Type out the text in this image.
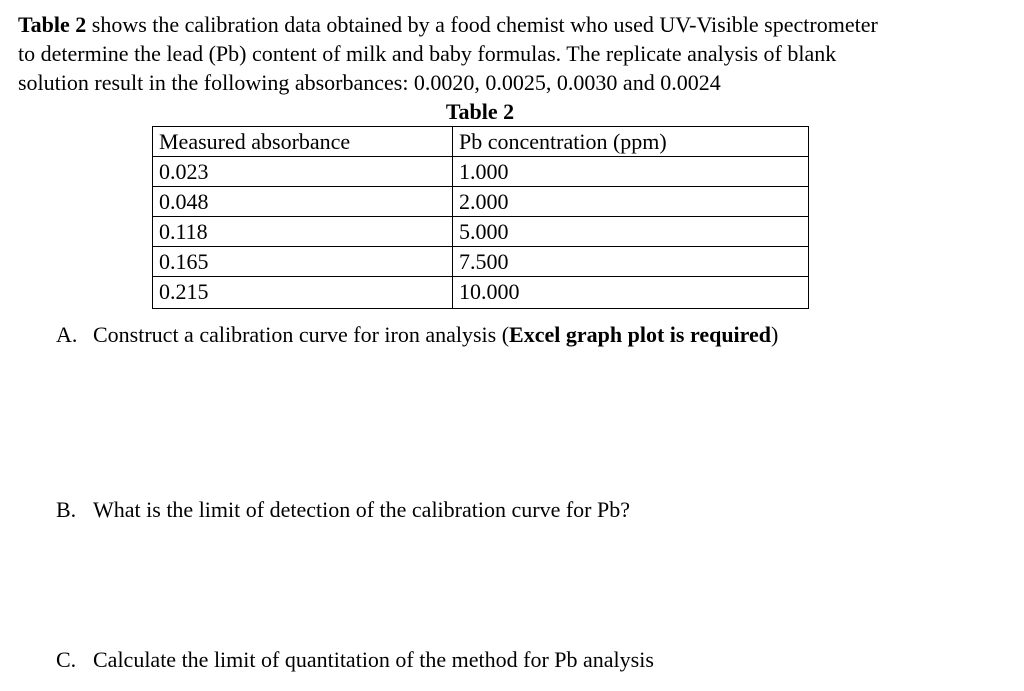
Table 2 shows the calibration data obtained by a food chemist who used UV-Visible spectrometer
to determine the lead (Pb) content of milk and baby formulas. The replicate analysis of blank
solution result in the following absorbances: 0.0020, 0.0025, 0.0030 and 0.0024
Table 2
Measured absorbance	Pb concentration (ppm)
0.023	1.000
0.048	2.000
0.118	5.000
0.165	7.500
0.215	10.000
A. Construct a calibration curve for iron analysis (Excel graph plot is required)
B. What is the limit of detection of the calibration curve for Pb?
C. Calculate the limit of quantitation of the method for Pb analysis
